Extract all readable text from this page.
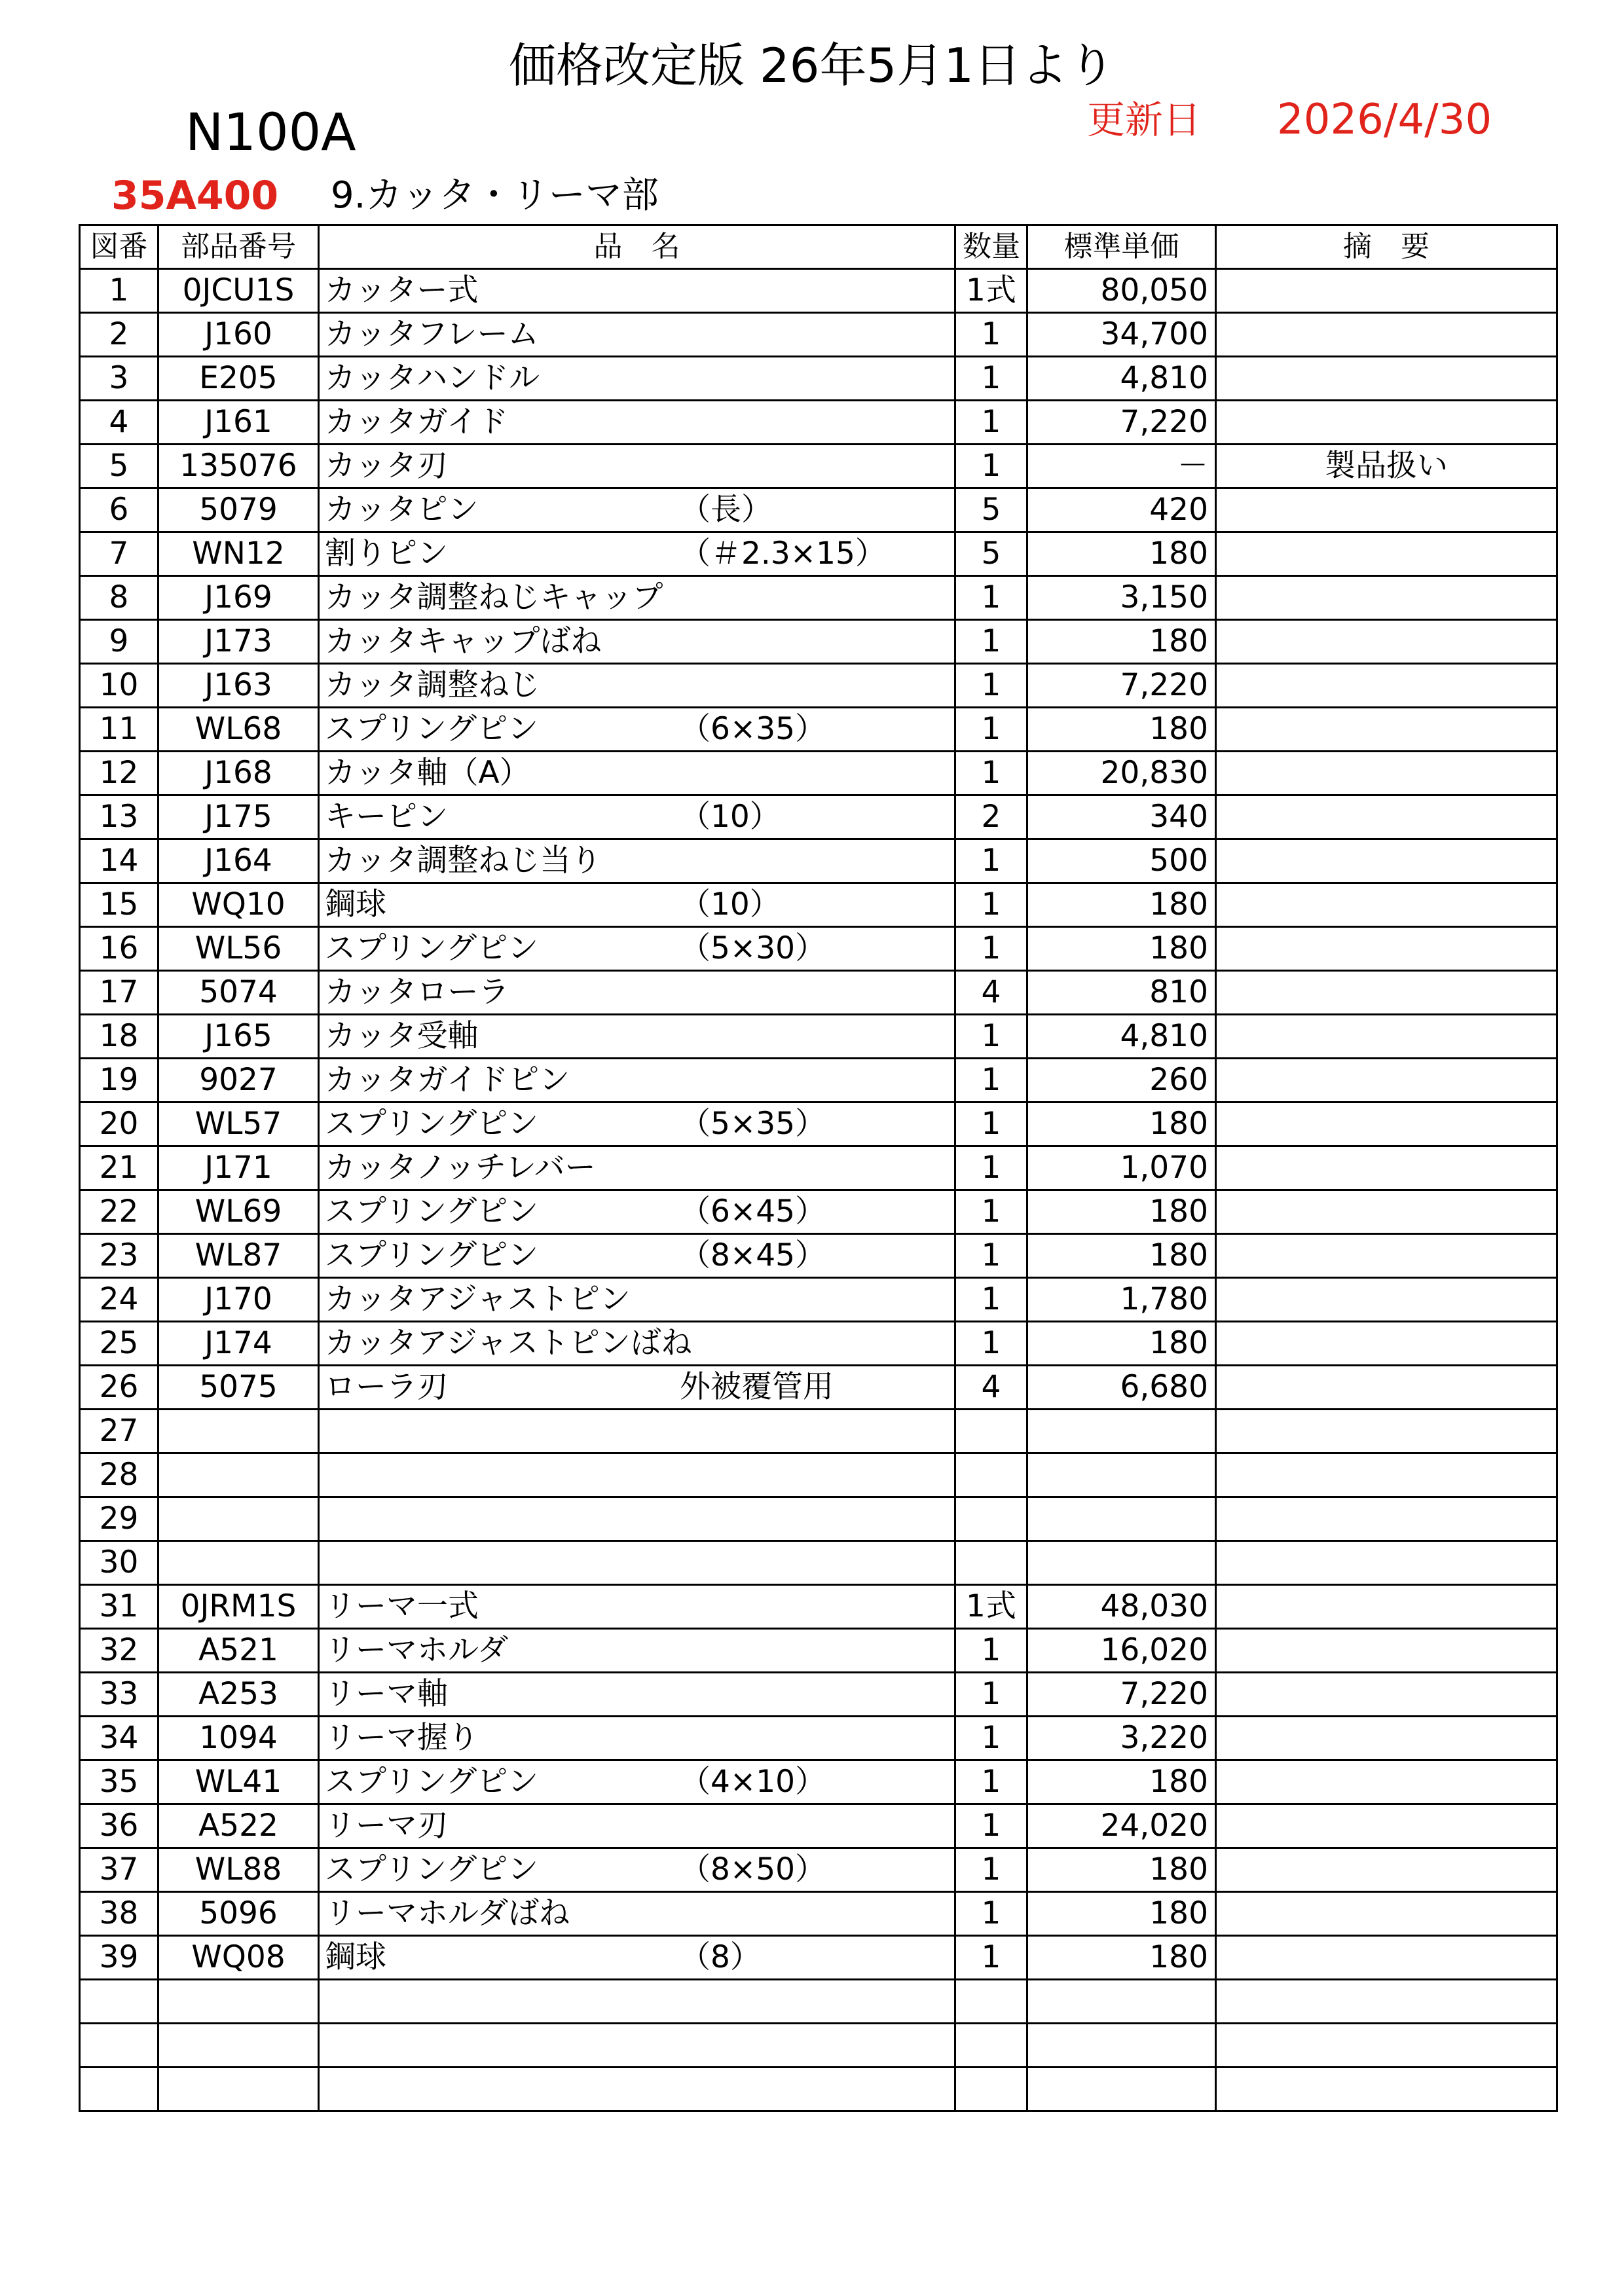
価格改定版 26年5月1日より
N100A	更新日 2026/4/30
35A400 9.カッタ・リーマ部
図番	部品番号	品　名	数量	標準単価	摘　要
1	0JCU1S	カッター式	1式	80,050	
2	J160	カッタフレーム	1	34,700	
3	E205	カッタハンドル	1	4,810	
4	J161	カッタガイド	1	7,220	
5	135076	カッタ刃	1	－	製品扱い
6	5079	カッタピン （長）	5	420	
7	WN12	割りピン （＃2.3×15）	5	180	
8	J169	カッタ調整ねじキャップ	1	3,150	
9	J173	カッタキャップばね	1	180	
10	J163	カッタ調整ねじ	1	7,220	
11	WL68	スプリングピン （6×35）	1	180	
12	J168	カッタ軸（A）	1	20,830	
13	J175	キーピン （10）	2	340	
14	J164	カッタ調整ねじ当り	1	500	
15	WQ10	鋼球 （10）	1	180	
16	WL56	スプリングピン （5×30）	1	180	
17	5074	カッタローラ	4	810	
18	J165	カッタ受軸	1	4,810	
19	9027	カッタガイドピン	1	260	
20	WL57	スプリングピン （5×35）	1	180	
21	J171	カッタノッチレバー	1	1,070	
22	WL69	スプリングピン （6×45）	1	180	
23	WL87	スプリングピン （8×45）	1	180	
24	J170	カッタアジャストピン	1	1,780	
25	J174	カッタアジャストピンばね	1	180	
26	5075	ローラ刃 外被覆管用	4	6,680	
27		

28		

29		

30		

31	0JRM1S	リーマ一式	1式	48,030	
32	A521	リーマホルダ	1	16,020	
33	A253	リーマ軸	1	7,220	
34	1094	リーマ握り	1	3,220	
35	WL41	スプリングピン （4×10）	1	180	
36	A522	リーマ刃	1	24,020	
37	WL88	スプリングピン （8×50）	1	180	
38	5096	リーマホルダばね	1	180	
39	WQ08	鋼球 （8）	1	180	
